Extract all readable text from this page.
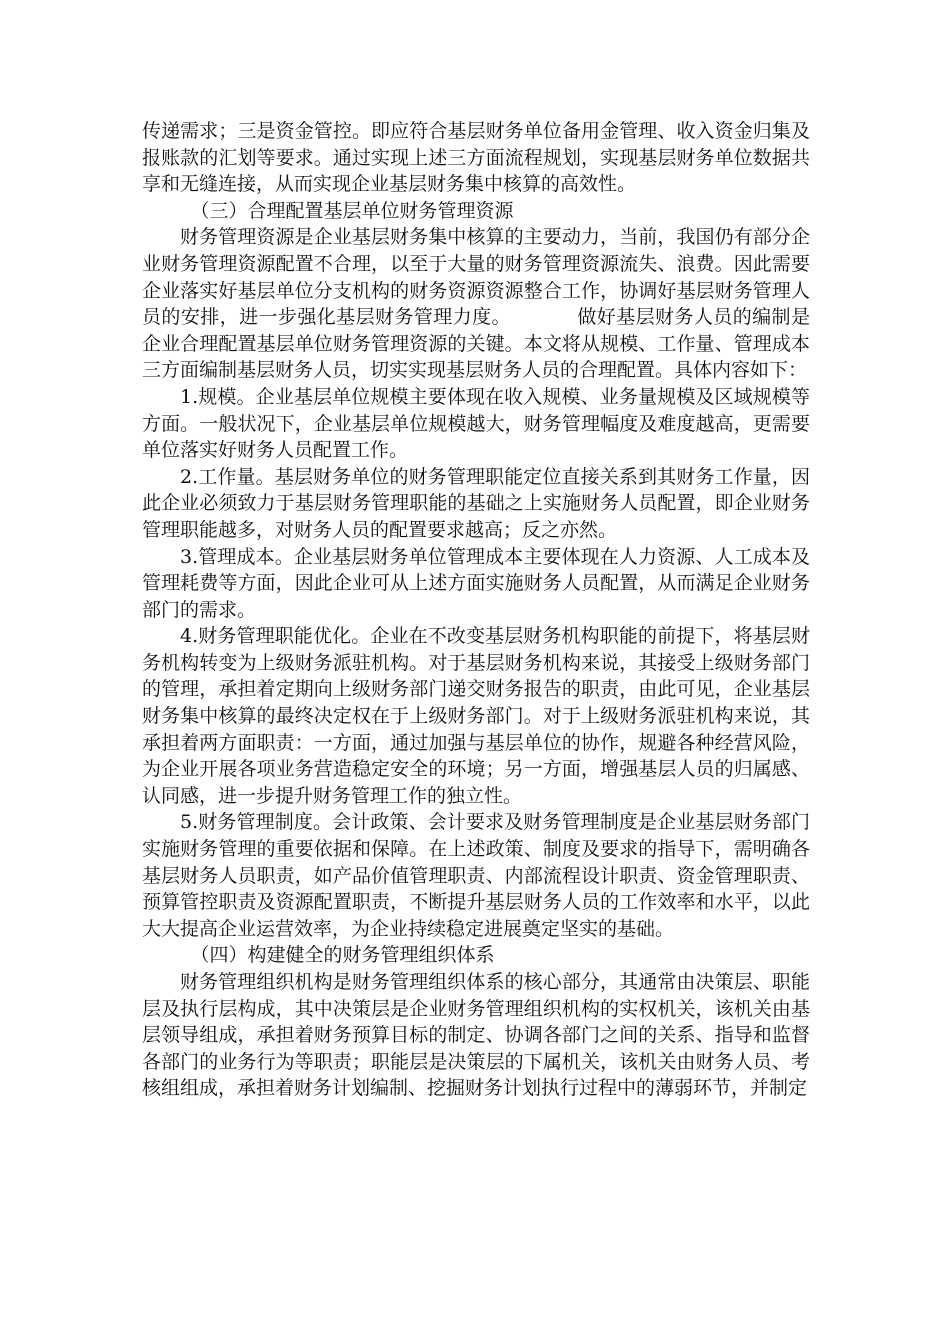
传递需求；三是资金管控。即应符合基层财务单位备用金管理、收入资金归集及报账款的汇划等要求。通过实现上述三方面流程规划，实现基层财务单位数据共享和无缝连接，从而实现企业基层财务集中核算的高效性。

（三）合理配置基层单位财务管理资源

财务管理资源是企业基层财务集中核算的主要动力，当前，我国仍有部分企业财务管理资源配置不合理，以至于大量的财务管理资源流失、浪费。因此需要企业落实好基层单位分支机构的财务资源资源整合工作，协调好基层财务管理人员的安排，进一步强化基层财务管理力度。	做好基层财务人员的编制是企业合理配置基层单位财务管理资源的关键。本文将从规模、工作量、管理成本三方面编制基层财务人员，切实实现基层财务人员的合理配置。具体内容如下：

1.规模。企业基层单位规模主要体现在收入规模、业务量规模及区域规模等方面。一般状况下，企业基层单位规模越大，财务管理幅度及难度越高，更需要单位落实好财务人员配置工作。

2.工作量。基层财务单位的财务管理职能定位直接关系到其财务工作量，因此企业必须致力于基层财务管理职能的基础之上实施财务人员配置，即企业财务管理职能越多，对财务人员的配置要求越高；反之亦然。

3.管理成本。企业基层财务单位管理成本主要体现在人力资源、人工成本及管理耗费等方面，因此企业可从上述方面实施财务人员配置，从而满足企业财务部门的需求。

4.财务管理职能优化。企业在不改变基层财务机构职能的前提下，将基层财务机构转变为上级财务派驻机构。对于基层财务机构来说，其接受上级财务部门的管理，承担着定期向上级财务部门递交财务报告的职责，由此可见，企业基层财务集中核算的最终决定权在于上级财务部门。对于上级财务派驻机构来说，其承担着两方面职责：一方面，通过加强与基层单位的协作，规避各种经营风险，为企业开展各项业务营造稳定安全的环境；另一方面，增强基层人员的归属感、认同感，进一步提升财务管理工作的独立性。

5.财务管理制度。会计政策、会计要求及财务管理制度是企业基层财务部门实施财务管理的重要依据和保障。在上述政策、制度及要求的指导下，需明确各基层财务人员职责，如产品价值管理职责、内部流程设计职责、资金管理职责、预算管控职责及资源配置职责，不断提升基层财务人员的工作效率和水平，以此大大提高企业运营效率，为企业持续稳定进展奠定坚实的基础。

（四）构建健全的财务管理组织体系

财务管理组织机构是财务管理组织体系的核心部分，其通常由决策层、职能层及执行层构成，其中决策层是企业财务管理组织机构的实权机关，该机关由基层领导组成，承担着财务预算目标的制定、协调各部门之间的关系、指导和监督各部门的业务行为等职责；职能层是决策层的下属机关，该机关由财务人员、考核组组成，承担着财务计划编制、挖掘财务计划执行过程中的薄弱环节，并制定
